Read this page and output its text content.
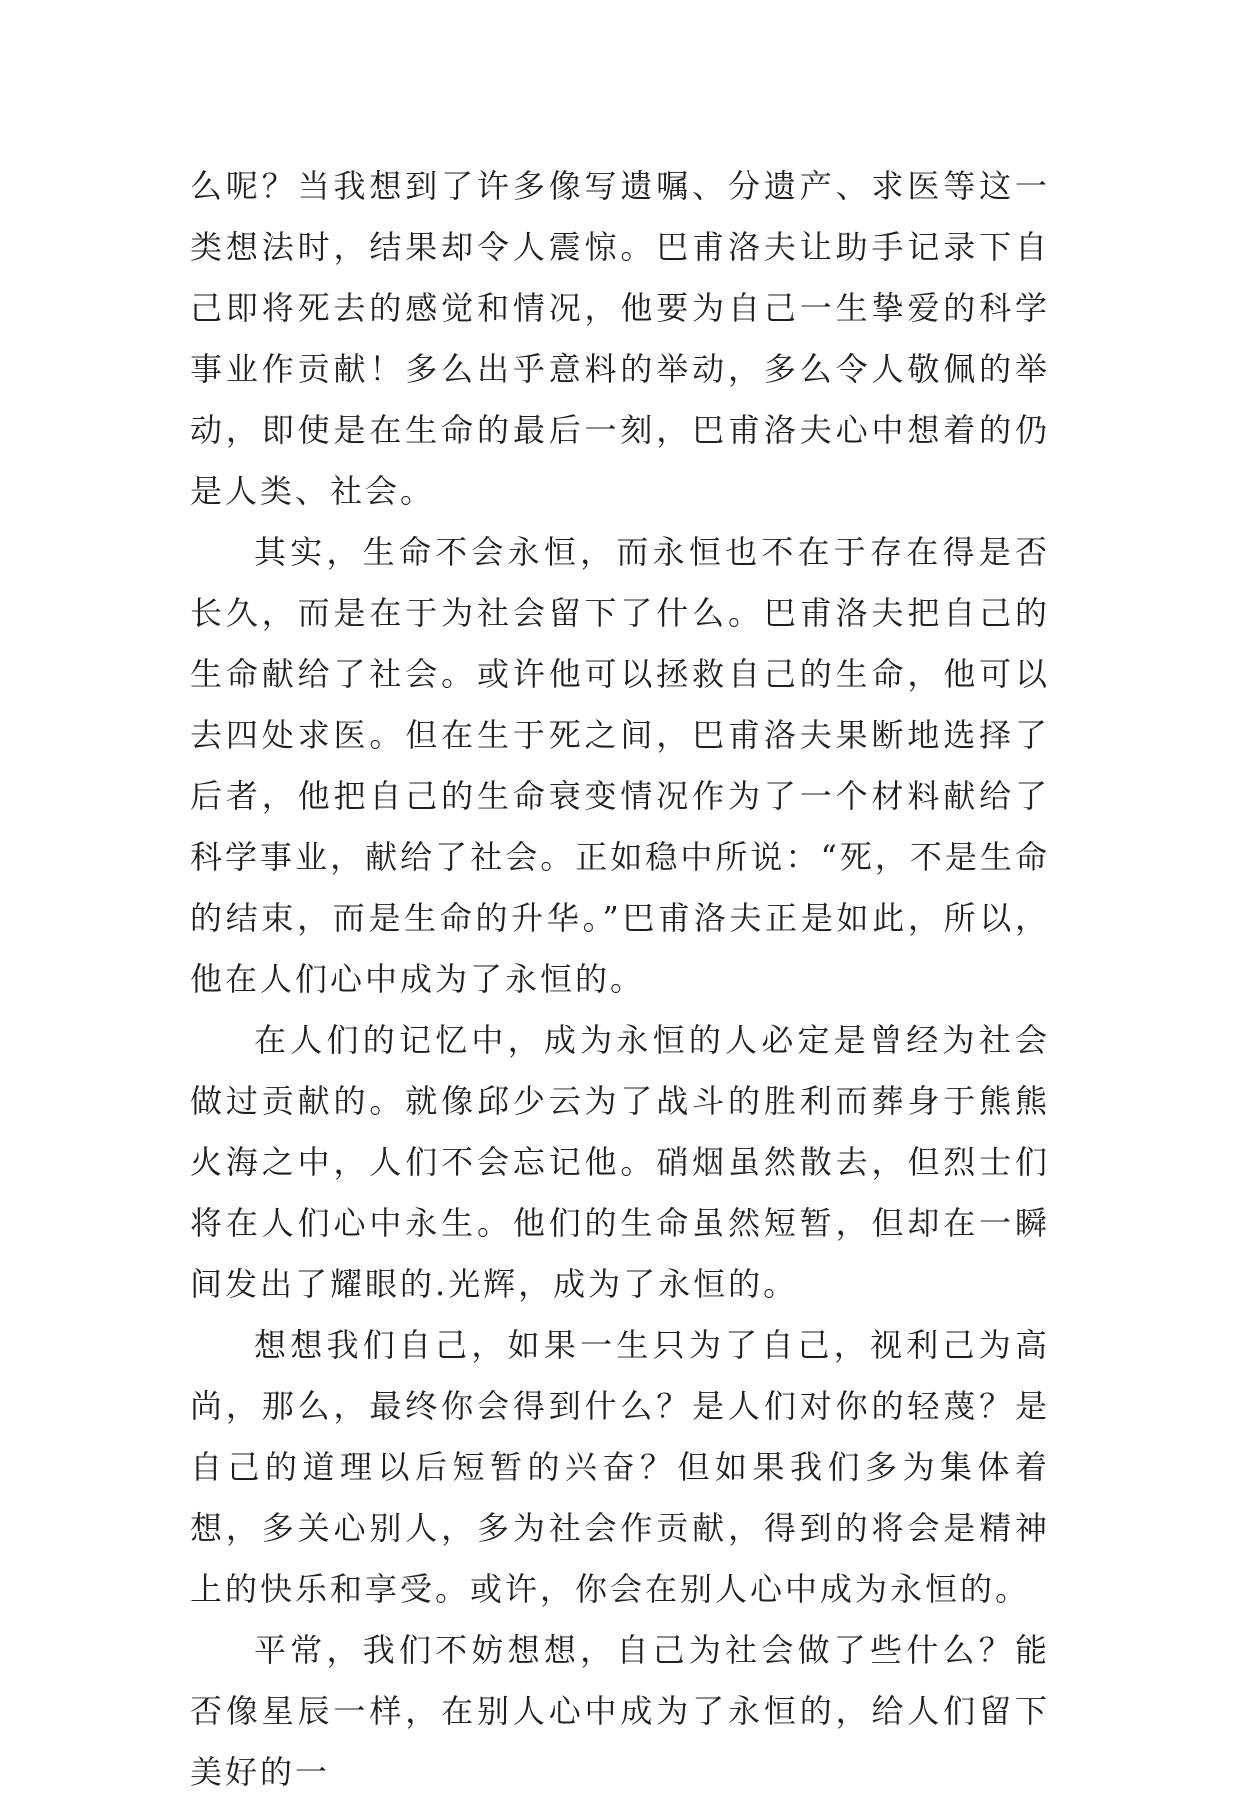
么呢？当我想到了许多像写遗嘱、分遗产、求医等这一类想法时，结果却令人震惊。巴甫洛夫让助手记录下自己即将死去的感觉和情况，他要为自己一生挚爱的科学事业作贡献！多么出乎意料的举动，多么令人敬佩的举动，即使是在生命的最后一刻，巴甫洛夫心中想着的仍是人类、社会。

其实，生命不会永恒，而永恒也不在于存在得是否长久，而是在于为社会留下了什么。巴甫洛夫把自己的生命献给了社会。或许他可以拯救自己的生命，他可以去四处求医。但在生于死之间，巴甫洛夫果断地选择了后者，他把自己的生命衰变情况作为了一个材料献给了科学事业，献给了社会。正如稳中所说：“死，不是生命的结束，而是生命的升华。”巴甫洛夫正是如此，所以，他在人们心中成为了永恒的。

在人们的记忆中，成为永恒的人必定是曾经为社会做过贡献的。就像邱少云为了战斗的胜利而葬身于熊熊火海之中，人们不会忘记他。硝烟虽然散去，但烈士们将在人们心中永生。他们的生命虽然短暂，但却在一瞬间发出了耀眼的.光辉，成为了永恒的。

想想我们自己，如果一生只为了自己，视利己为高尚，那么，最终你会得到什么？是人们对你的轻蔑？是自己的道理以后短暂的兴奋？但如果我们多为集体着想，多关心别人，多为社会作贡献，得到的将会是精神上的快乐和享受。或许，你会在别人心中成为永恒的。

平常，我们不妨想想，自己为社会做了些什么？能否像星辰一样，在别人心中成为了永恒的，给人们留下美好的一
